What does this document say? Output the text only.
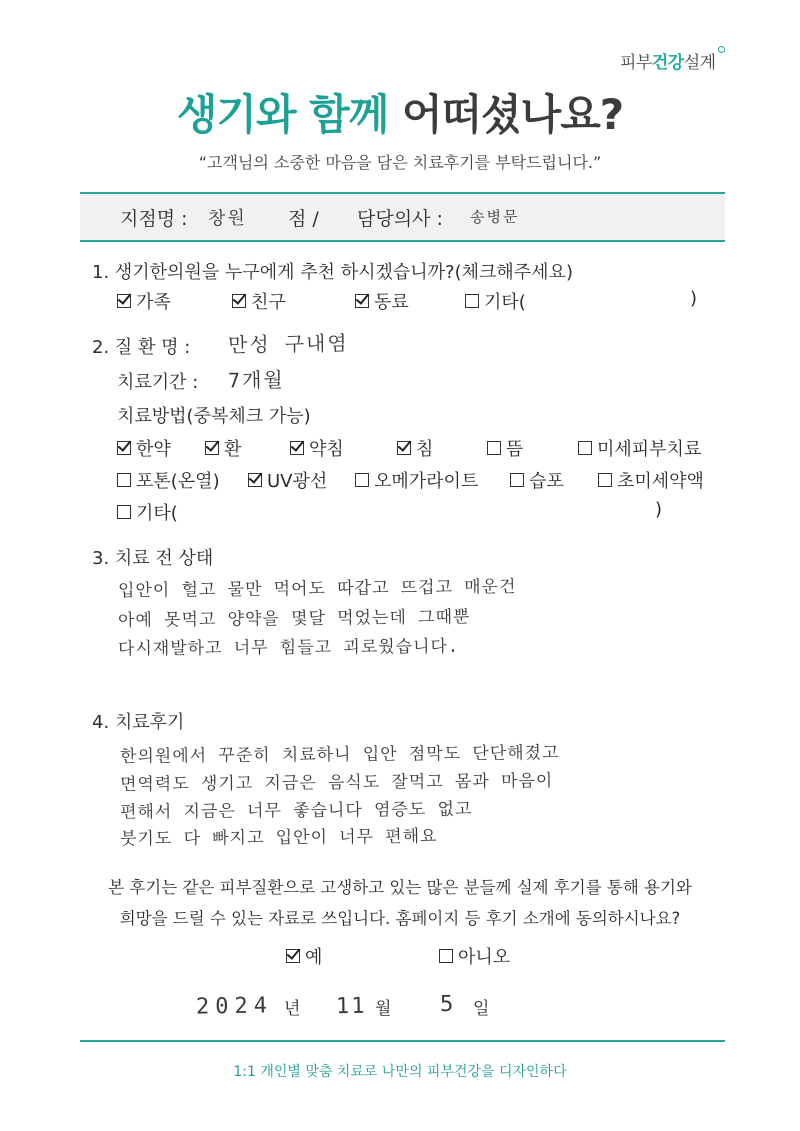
피부건강설계
생기와 함께 어떠셨나요?
“고객님의 소중한 마음을 담은 치료후기를 부탁드립니다.”
지점명 : 창원 점 / 담당의사 : 송병문
1. 생기한의원을 누구에게 추천 하시겠습니까?(체크해주세요)
가족	친구	동료	기타(	)
2. 질 환 명 : 만성 구내염
치료기간 : 7개월
치료방법(중복체크 가능)
한약	환	약침	침	뜸	미세피부치료
포톤(온열)	UV광선	오메가라이트	습포	초미세약액
기타(	)
3. 치료 전 상태
입안이 헐고 물만 먹어도 따갑고 뜨겁고 매운건
아예 못먹고 양약을 몇달 먹었는데 그때뿐
다시재발하고 너무 힘들고 괴로웠습니다.
4. 치료후기
한의원에서 꾸준히 치료하니 입안 점막도 단단해졌고
면역력도 생기고 지금은 음식도 잘먹고 몸과 마음이
편해서 지금은 너무 좋습니다 염증도 없고
붓기도 다 빠지고 입안이 너무 편해요
본 후기는 같은 피부질환으로 고생하고 있는 많은 분들께 실제 후기를 통해 용기와
희망을 드릴 수 있는 자료로 쓰입니다. 홈페이지 등 후기 소개에 동의하시나요?
예	아니오
2024 년 11 월 5 일
1:1 개인별 맞춤 치료로 나만의 피부건강을 디자인하다
